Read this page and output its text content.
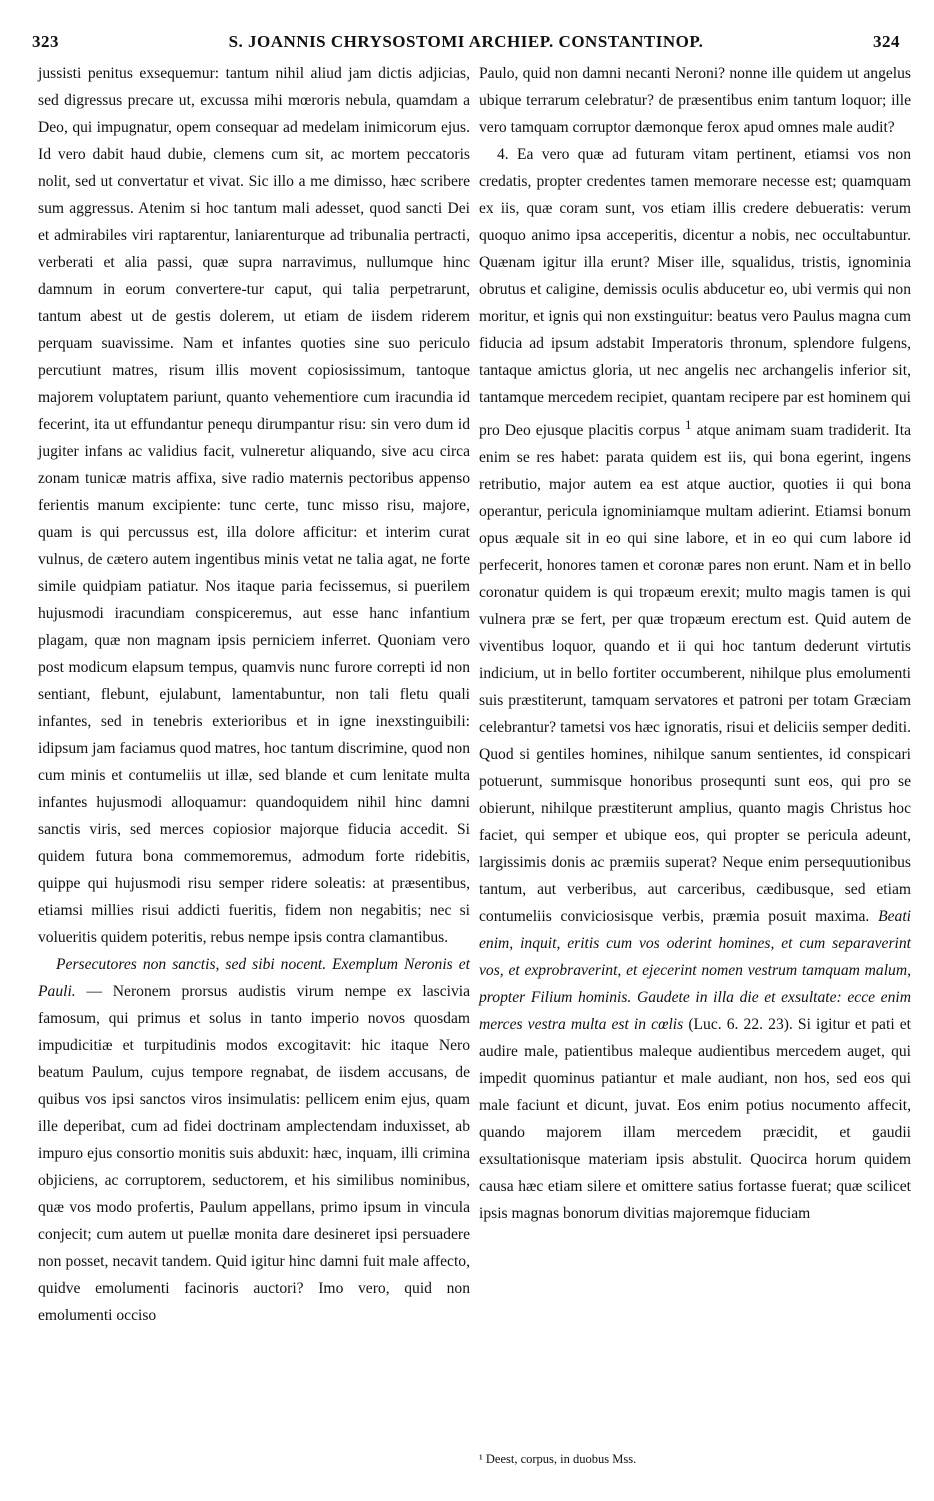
323	S. JOANNIS CHRYSOSTOMI ARCHIEP. CONSTANTINOP.	324

jussisti penitus exsequemur: tantum nihil aliud jam dictis adjicias, sed digressus precare ut, excussa mihi mœroris nebula, quamdam a Deo, qui impugnatur, opem consequar ad medelam inimicorum ejus. Id vero dabit haud dubie, clemens cum sit, ac mortem peccatoris nolit, sed ut convertatur et vivat. Sic illo a me dimisso, hæc scribere sum aggressus. Atenim si hoc tantum mali adesset, quod sancti Dei et admirabiles viri raptarentur, laniarenturque ad tribunalia pertracti, verberati et alia passi, quæ supra narravimus, nullumque hinc damnum in eorum convertere-tur caput, qui talia perpetrarunt, tantum abest ut de gestis dolerem, ut etiam de iisdem riderem perquam suavissime. Nam et infantes quoties sine suo periculo percutiunt matres, risum illis movent copiosissimum, tantoque majorem voluptatem pariunt, quanto vehementiore cum iracundia id fecerint, ita ut effundantur penequ dirumpantur risu: sin vero dum id jugiter infans ac validius facit, vulneretur aliquando, sive acu circa zonam tunicæ matris affixa, sive radio maternis pectoribus appenso ferientis manum excipiente: tunc certe, tunc misso risu, majore, quam is qui percussus est, illa dolore afficitur: et interim curat vulnus, de cætero autem ingentibus minis vetat ne talia agat, ne forte simile quidpiam patiatur. Nos itaque paria fecissemus, si puerilem hujusmodi iracundiam conspiceremus, aut esse hanc infantium plagam, quæ non magnam ipsis perniciem inferret. Quoniam vero post modicum elapsum tempus, quamvis nunc furore correpti id non sentiant, flebunt, ejulabunt, lamentabuntur, non tali fletu quali infantes, sed in tenebris exterioribus et in igne inexstinguibili: idipsum jam faciamus quod matres, hoc tantum discrimine, quod non cum minis et contumeliis ut illæ, sed blande et cum lenitate multa infantes hujusmodi alloquamur: quandoquidem nihil hinc damni sanctis viris, sed merces copiosior majorque fiducia accedit. Si quidem futura bona commemoremus, admodum forte ridebitis, quippe qui hujusmodi risu semper ridere soleatis: at præsentibus, etiamsi millies risui addicti fueritis, fidem non negabitis; nec si volueritis quidem poteritis, rebus nempe ipsis contra clamantibus.

Persecutores non sanctis, sed sibi nocent. Exemplum Neronis et Pauli. — Neronem prorsus audistis virum nempe ex lascivia famosum, qui primus et solus in tanto imperio novos quosdam impudicitiæ et turpitudinis modos excogitavit: hic itaque Nero beatum Paulum, cujus tempore regnabat, de iisdem accusans, de quibus vos ipsi sanctos viros insimulatis: pellicem enim ejus, quam ille deperibat, cum ad fidei doctrinam amplectendam induxisset, ab impuro ejus consortio monitis suis abduxit: hæc, inquam, illi crimina objiciens, ac corruptorem, seductorem, et his similibus nominibus, quæ vos modo profertis, Paulum appellans, primo ipsum in vincula conjecit; cum autem ut puellæ monita dare desineret ipsi persuadere non posset, necavit tandem. Quid igitur hinc damni fuit male affecto, quidve emolumenti facinoris auctori? Imo vero, quid non emolumenti occiso

Paulo, quid non damni necanti Neroni? nonne ille quidem ut angelus ubique terrarum celebratur? de præsentibus enim tantum loquor; ille vero tamquam corruptor dæmonque ferox apud omnes male audit?

4. Ea vero quæ ad futuram vitam pertinent, etiamsi vos non credatis, propter credentes tamen memorare necesse est; quamquam ex iis, quæ coram sunt, vos etiam illis credere debueratis: verum quoquo animo ipsa acceperitis, dicentur a nobis, nec occultabuntur. Quænam igitur illa erunt? Miser ille, squalidus, tristis, ignominia obrutus et caligine, demissis oculis abducetur eo, ubi vermis qui non moritur, et ignis qui non exstinguitur: beatus vero Paulus magna cum fiducia ad ipsum adstabit Imperatoris thronum, splendore fulgens, tantaque amictus gloria, ut nec angelis nec archangelis inferior sit, tantamque mercedem recipiet, quantam recipere par est hominem qui pro Deo ejusque placitis corpus $^1$ atque animam suam tradiderit. Ita enim se res habet: parata quidem est iis, qui bona egerint, ingens retributio, major autem ea est atque auctior, quoties ii qui bona operantur, pericula ignominiamque multam adierint. Etiamsi bonum opus æquale sit in eo qui sine labore, et in eo qui cum labore id perfecerit, honores tamen et coronæ pares non erunt. Nam et in bello coronatur quidem is qui tropæum erexit; multo magis tamen is qui vulnera præ se fert, per quæ tropæum erectum est. Quid autem de viventibus loquor, quando et ii qui hoc tantum dederunt virtutis indicium, ut in bello fortiter occumberent, nihilque plus emolumenti suis præstiterunt, tamquam servatores et patroni per totam Græciam celebrantur? tametsi vos hæc ignoratis, risui et deliciis semper dediti. Quod si gentiles homines, nihilque sanum sentientes, id conspicari potuerunt, summisque honoribus prosequnti sunt eos, qui pro se obierunt, nihilque præstiterunt amplius, quanto magis Christus hoc faciet, qui semper et ubique eos, qui propter se pericula adeunt, largissimis donis ac præmiis superat? Neque enim persequutionibus tantum, aut verberibus, aut carceribus, cædibusque, sed etiam contumeliis conviciosisque verbis, præmia posuit maxima. Beati enim, inquit, eritis cum vos oderint homines, et cum separaverint vos, et exprobraverint, et ejecerint nomen vestrum tamquam malum, propter Filium hominis. Gaudete in illa die et exsultate: ecce enim merces vestra multa est in cœlis (Luc. 6. 22. 23). Si igitur et pati et audire male, patientibus maleque audientibus mercedem auget, qui impedit quominus patiantur et male audiant, non hos, sed eos qui male faciunt et dicunt, juvat. Eos enim potius nocumento affecit, quando majorem illam mercedem præcidit, et gaudii exsultationisque materiam ipsis abstulit. Quocirca horum quidem causa hæc etiam silere et omittere satius fortasse fuerat; quæ scilicet ipsis magnas bonorum divitias majoremque fiduciam

¹ Deest, corpus, in duobus Mss.
